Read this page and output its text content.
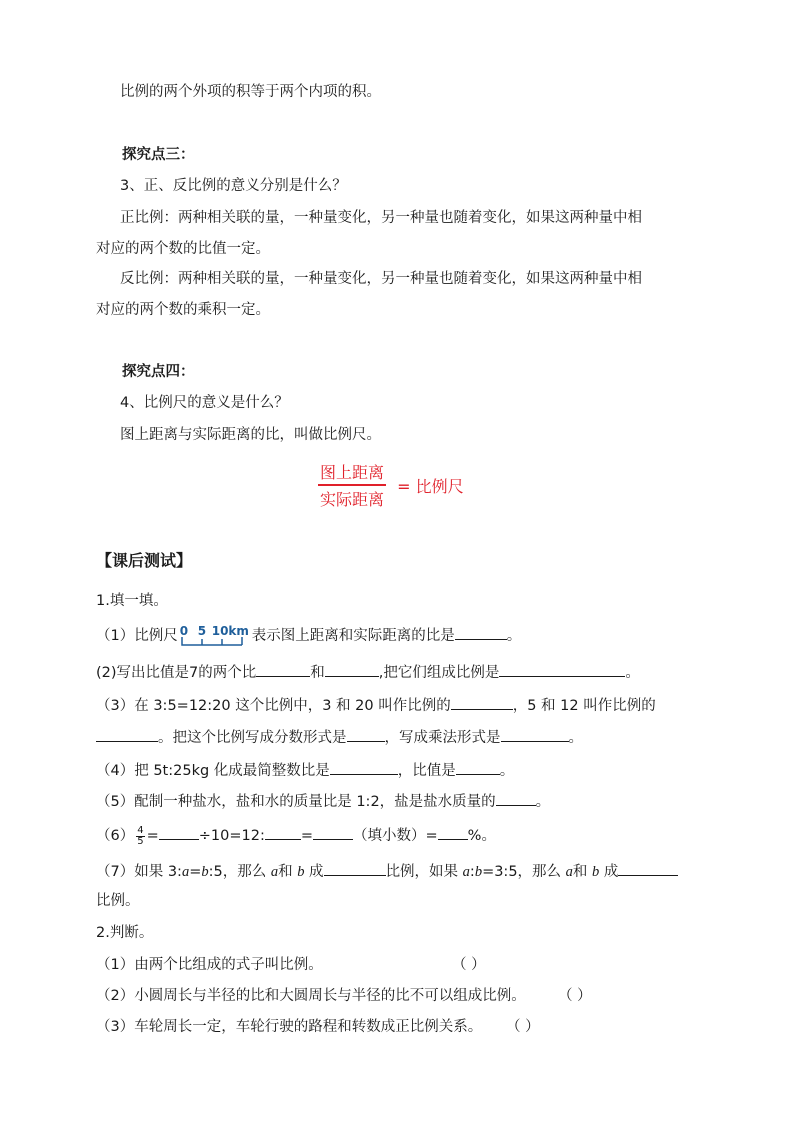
比例的两个外项的积等于两个内项的积。
探究点三：
3、正、反比例的意义分别是什么？
正比例：两种相关联的量，一种量变化，另一种量也随着变化，如果这两种量中相
对应的两个数的比值一定。
反比例：两种相关联的量，一种量变化，另一种量也随着变化，如果这两种量中相
对应的两个数的乘积一定。
探究点四：
4、比例尺的意义是什么？
图上距离与实际距离的比，叫做比例尺。
$\frac{\text{图上距离}}{\text{实际距离}}$ = 比例尺
【课后测试】
1.填一填。
（1）比例尺 0 5 10km 表示图上距离和实际距离的比是	。
(2)写出比值是7的两个比	和	,把它们组成比例是	。
（3）在 3:5=12:20 这个比例中，3 和 20 叫作比例的	，5 和 12 叫作比例的
。把这个比例写成分数形式是	，写成乘法形式是	。
（4）把 5t:25kg 化成最简整数比是	，比值是	。
（5）配制一种盐水，盐和水的质量比是 1:2，盐是盐水质量的	。
$(6) \frac{4}{5}$ =	÷10=12: =	（填小数）= %。
（7）如果 3:a=b:5，那么 a和 b 成	比例，如果 a:b=3:5，那么 a和 b 成
比例。
2.判断。
（1）由两个比组成的式子叫比例。	（ ）
（2）小圆周长与半径的比和大圆周长与半径的比不可以组成比例。 （ ）
（3）车轮周长一定，车轮行驶的路程和转数成正比例关系。 （ ）
